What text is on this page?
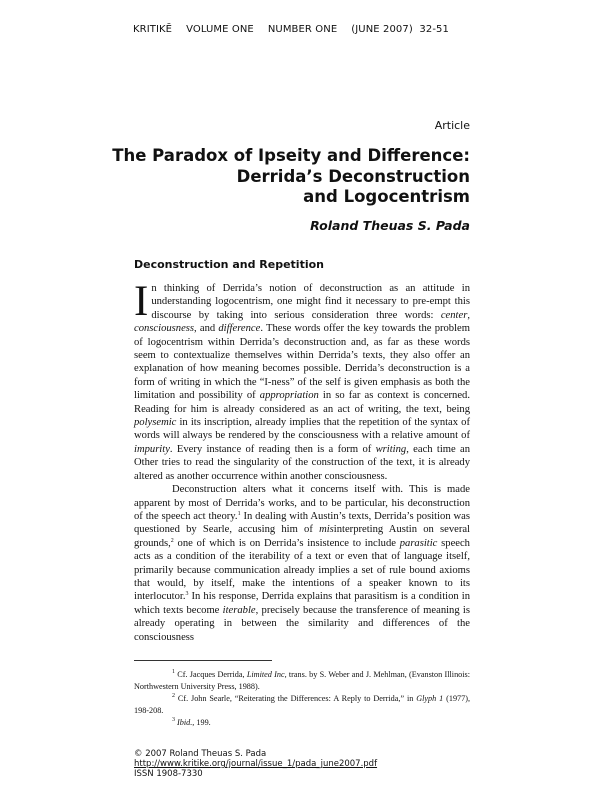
KRITIKĒ VOLUME ONE NUMBER ONE (JUNE 2007)  32-51
Article
The Paradox of Ipseity and Difference:
Derrida’s Deconstruction
and Logocentrism
Roland Theuas S. Pada
Deconstruction and Repetition

In thinking of Derrida’s notion of deconstruction as an attitude in understanding logocentrism, one might find it necessary to pre-empt this discourse by taking into serious consideration three words: center, consciousness, and difference. These words offer the key towards the problem of logocentrism within Derrida’s deconstruction and, as far as these words seem to contextualize themselves within Derrida’s texts, they also offer an explanation of how meaning becomes possible. Derrida’s deconstruction is a form of writing in which the “I-ness” of the self is given emphasis as both the limitation and possibility of appropriation in so far as context is concerned. Reading for him is already considered as an act of writing, the text, being polysemic in its inscription, already implies that the repetition of the syntax of words will always be rendered by the consciousness with a relative amount of impurity. Every instance of reading then is a form of writing, each time an Other tries to read the singularity of the construction of the text, it is already altered as another occurrence within another consciousness.

Deconstruction alters what it concerns itself with. This is made apparent by most of Derrida’s works, and to be particular, his deconstruction of the speech act theory.$^1$ In dealing with Austin’s texts, Derrida’s position was questioned by Searle, accusing him of misinterpreting Austin on several grounds,$^2$ one of which is on Derrida’s insistence to include parasitic speech acts as a condition of the iterability of a text or even that of language itself, primarily because communication already implies a set of rule bound axioms that would, by itself, make the intentions of a speaker known to its interlocutor.$^3$ In his response, Derrida explains that parasitism is a condition in which texts become iterable, precisely because the transference of meaning is already operating in between the similarity and differences of the consciousness

$^1$ Cf. Jacques Derrida, Limited Inc, trans. by S. Weber and J. Mehlman, (Evanston Illinois: Northwestern University Press, 1988).

$^2$ Cf. John Searle, “Reiterating the Differences: A Reply to Derrida,” in Glyph 1 (1977), 198-208.

$^3$ Ibid., 199.

© 2007 Roland Theuas S. Pada
http://www.kritike.org/journal/issue_1/pada_june2007.pdf
ISSN 1908-7330
